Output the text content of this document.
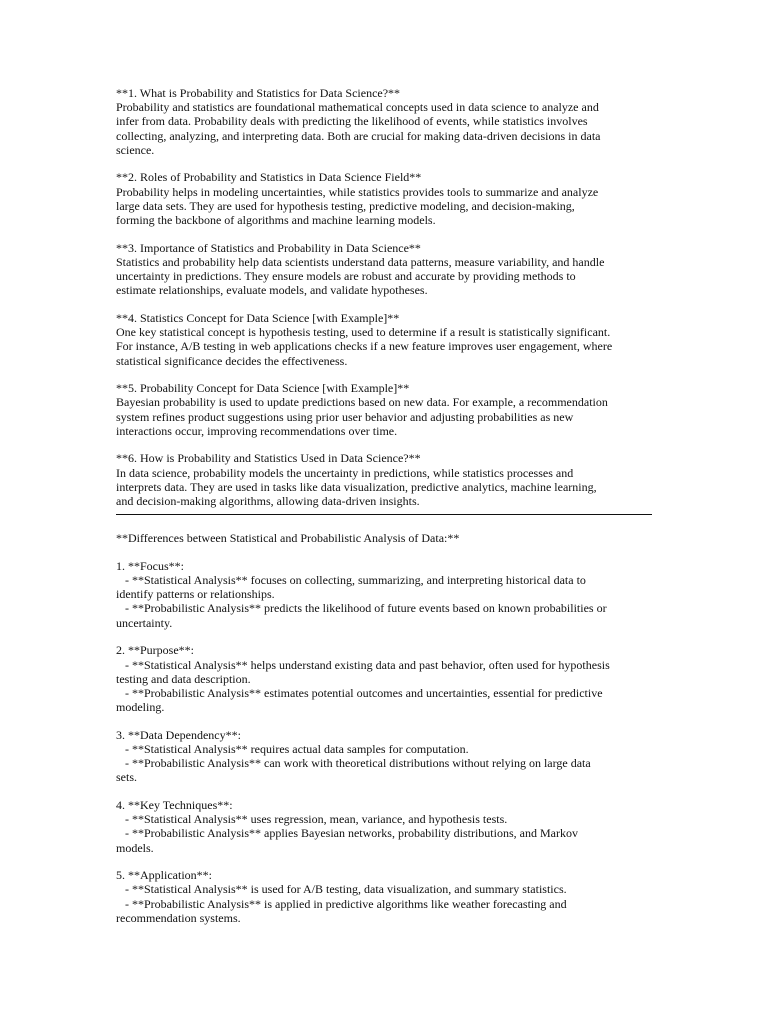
**1. What is Probability and Statistics for Data Science?**
Probability and statistics are foundational mathematical concepts used in data science to analyze and
infer from data. Probability deals with predicting the likelihood of events, while statistics involves
collecting, analyzing, and interpreting data. Both are crucial for making data-driven decisions in data
science.
**2. Roles of Probability and Statistics in Data Science Field**
Probability helps in modeling uncertainties, while statistics provides tools to summarize and analyze
large data sets. They are used for hypothesis testing, predictive modeling, and decision-making,
forming the backbone of algorithms and machine learning models.
**3. Importance of Statistics and Probability in Data Science**
Statistics and probability help data scientists understand data patterns, measure variability, and handle
uncertainty in predictions. They ensure models are robust and accurate by providing methods to
estimate relationships, evaluate models, and validate hypotheses.
**4. Statistics Concept for Data Science [with Example]**
One key statistical concept is hypothesis testing, used to determine if a result is statistically significant.
For instance, A/B testing in web applications checks if a new feature improves user engagement, where
statistical significance decides the effectiveness.
**5. Probability Concept for Data Science [with Example]**
Bayesian probability is used to update predictions based on new data. For example, a recommendation
system refines product suggestions using prior user behavior and adjusting probabilities as new
interactions occur, improving recommendations over time.
**6. How is Probability and Statistics Used in Data Science?**
In data science, probability models the uncertainty in predictions, while statistics processes and
interprets data. They are used in tasks like data visualization, predictive analytics, machine learning,
and decision-making algorithms, allowing data-driven insights.
**Differences between Statistical and Probabilistic Analysis of Data:**
1. **Focus**:
- **Statistical Analysis** focuses on collecting, summarizing, and interpreting historical data to
identify patterns or relationships.
- **Probabilistic Analysis** predicts the likelihood of future events based on known probabilities or
uncertainty.
2. **Purpose**:
- **Statistical Analysis** helps understand existing data and past behavior, often used for hypothesis
testing and data description.
- **Probabilistic Analysis** estimates potential outcomes and uncertainties, essential for predictive
modeling.
3. **Data Dependency**:
- **Statistical Analysis** requires actual data samples for computation.
- **Probabilistic Analysis** can work with theoretical distributions without relying on large data
sets.
4. **Key Techniques**:
- **Statistical Analysis** uses regression, mean, variance, and hypothesis tests.
- **Probabilistic Analysis** applies Bayesian networks, probability distributions, and Markov
models.
5. **Application**:
- **Statistical Analysis** is used for A/B testing, data visualization, and summary statistics.
- **Probabilistic Analysis** is applied in predictive algorithms like weather forecasting and
recommendation systems.
